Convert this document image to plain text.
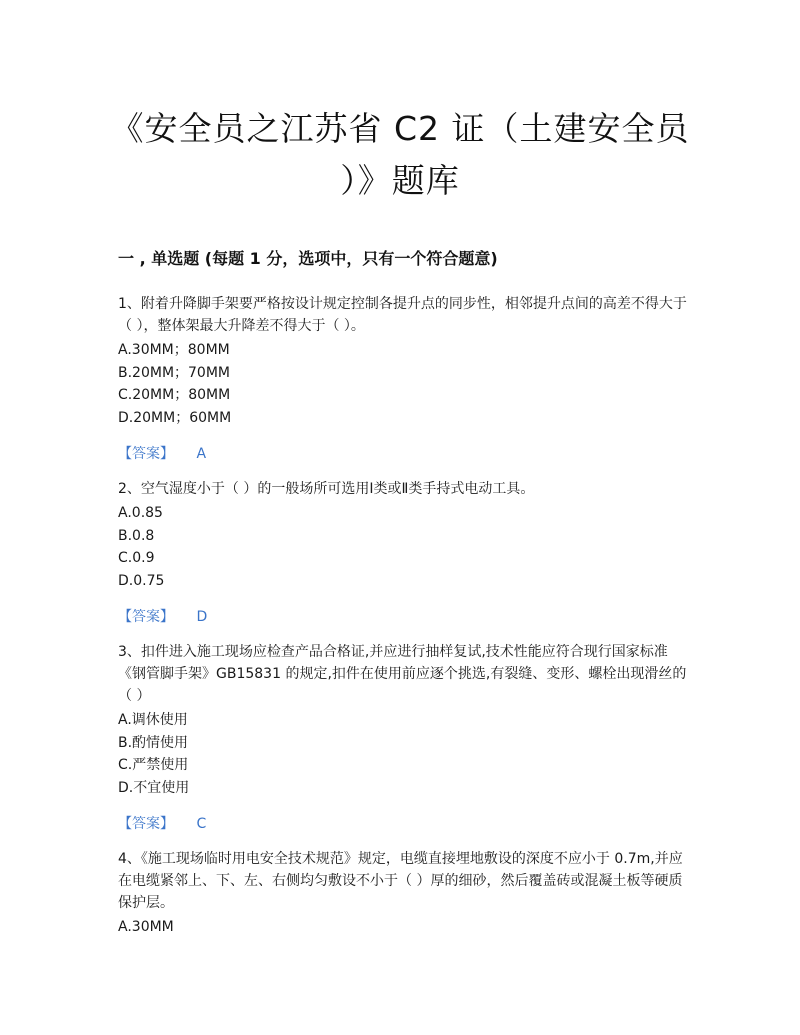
《安全员之江苏省 C2 证（土建安全员
）》题库
一 , 单选题 (每题 1 分，选项中，只有一个符合题意)

1、附着升降脚手架要严格按设计规定控制各提升点的同步性，相邻提升点间的高差不得大于（ ），整体架最大升降差不得大于（ ）。

A.30MM；80MM

B.20MM；70MM

C.20MM；80MM

D.20MM；60MM

【答案】 A

2、空气湿度小于（ ）的一般场所可选用Ⅰ类或Ⅱ类手持式电动工具。

A.0.85

B.0.8

C.0.9

D.0.75

【答案】 D

3、扣件进入施工现场应检查产品合格证,并应进行抽样复试,技术性能应符合现行国家标准《钢管脚手架》GB15831 的规定,扣件在使用前应逐个挑选,有裂缝、变形、螺栓出现滑丝的（ ）

A.调休使用

B.酌情使用

C.严禁使用

D.不宜使用

【答案】 C

4、《施工现场临时用电安全技术规范》规定，电缆直接埋地敷设的深度不应小于 0.7m,并应在电缆紧邻上、下、左、右侧均匀敷设不小于（ ）厚的细砂，然后覆盖砖或混凝土板等硬质保护层。

A.30MM
